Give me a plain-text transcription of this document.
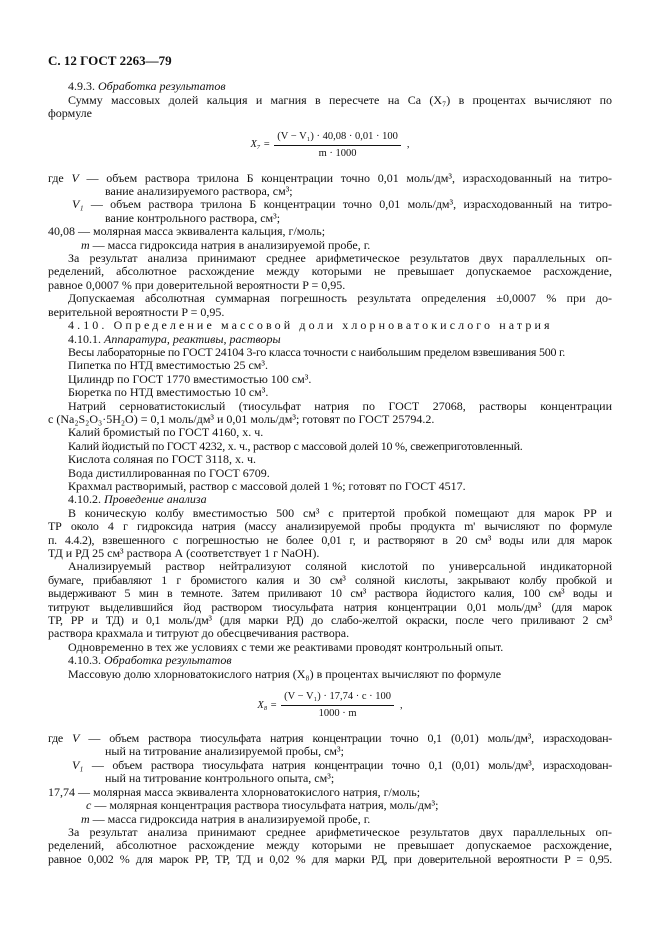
С. 12 ГОСТ 2263—79
4.9.3. Обработка результатов
Сумму массовых долей кальция и магния в пересчете на Ca (X₇) в процентах вычисляют по
формуле
$X_7 = \frac{\text{(V − V₁) · 40,08 · 0,01 · 100}}{m \cdot 1000}$ ,
где V — объем раствора трилона Б концентрации точно 0,01 моль/дм³, израсходованный на титро-
вание анализируемого раствора, см³;
V₁ — объем раствора трилона Б концентрации точно 0,01 моль/дм³, израсходованный на титро-
вание контрольного раствора, см³;
40,08 — молярная масса эквивалента кальция, г/моль;
m — масса гидроксида натрия в анализируемой пробе, г.
За результат анализа принимают среднее арифметическое результатов двух параллельных оп-
ределений, абсолютное расхождение между которыми не превышает допускаемое расхождение,
равное 0,0007 % при доверительной вероятности P = 0,95.
Допускаемая абсолютная суммарная погрешность результата определения ±0,0007 % при до-
верительной вероятности P = 0,95.
4.10. Определение массовой доли хлорноватокислого натрия
4.10.1. Аппаратура, реактивы, растворы
Весы лабораторные по ГОСТ 24104 3-го класса точности с наибольшим пределом взвешивания 500 г.
Пипетка по НТД вместимостью 25 см³.
Цилиндр по ГОСТ 1770 вместимостью 100 см³.
Бюретка по НТД вместимостью 10 см³.
Натрий серноватистокислый (тиосульфат натрия по ГОСТ 27068, растворы концентрации
c (Na₂S₂O₃·5H₂O) = 0,1 моль/дм³ и 0,01 моль/дм³; готовят по ГОСТ 25794.2.
Калий бромистый по ГОСТ 4160, х. ч.
Калий йодистый по ГОСТ 4232, х. ч., раствор с массовой долей 10 %, свежеприготовленный.
Кислота соляная по ГОСТ 3118, х. ч.
Вода дистиллированная по ГОСТ 6709.
Крахмал растворимый, раствор с массовой долей 1 %; готовят по ГОСТ 4517.
4.10.2. Проведение анализа
В коническую колбу вместимостью 500 см³ с притертой пробкой помещают для марок РР и
ТР около 4 г гидроксида натрия (массу анализируемой пробы продукта m' вычисляют по формуле
п. 4.4.2), взвешенного с погрешностью не более 0,01 г, и растворяют в 20 см³ воды или для марок
ТД и РД 25 см³ раствора А (соответствует 1 г NaOH).
Анализируемый раствор нейтрализуют соляной кислотой по универсальной индикаторной
бумаге, прибавляют 1 г бромистого калия и 30 см³ соляной кислоты, закрывают колбу пробкой и
выдерживают 5 мин в темноте. Затем приливают 10 см³ раствора йодистого калия, 100 см³ воды и
титруют выделившийся йод раствором тиосульфата натрия концентрации 0,01 моль/дм³ (для марок
ТР, РР и ТД) и 0,1 моль/дм³ (для марки РД) до слабо-желтой окраски, после чего приливают 2 см³
раствора крахмала и титруют до обесцвечивания раствора.
Одновременно в тех же условиях с теми же реактивами проводят контрольный опыт.
4.10.3. Обработка результатов
Массовую долю хлорноватокислого натрия (X₈) в процентах вычисляют по формуле
$X_8 = \frac{\text{(V − V₁) · 17,74 · c · 100}}{1000 \cdot m}$ ,
где V — объем раствора тиосульфата натрия концентрации точно 0,1 (0,01) моль/дм³, израсходован-
ный на титрование анализируемой пробы, см³;
V₁ — объем раствора тиосульфата натрия концентрации точно 0,1 (0,01) моль/дм³, израсходован-
ный на титрование контрольного опыта, см³;
17,74 — молярная масса эквивалента хлорноватокислого натрия, г/моль;
c — молярная концентрация раствора тиосульфата натрия, моль/дм³;
m — масса гидроксида натрия в анализируемой пробе, г.
За результат анализа принимают среднее арифметическое результатов двух параллельных оп-
ределений, абсолютное расхождение между которыми не превышает допускаемое расхождение,
равное 0,002 % для марок РР, ТР, ТД и 0,02 % для марки РД, при доверительной вероятности P = 0,95.
